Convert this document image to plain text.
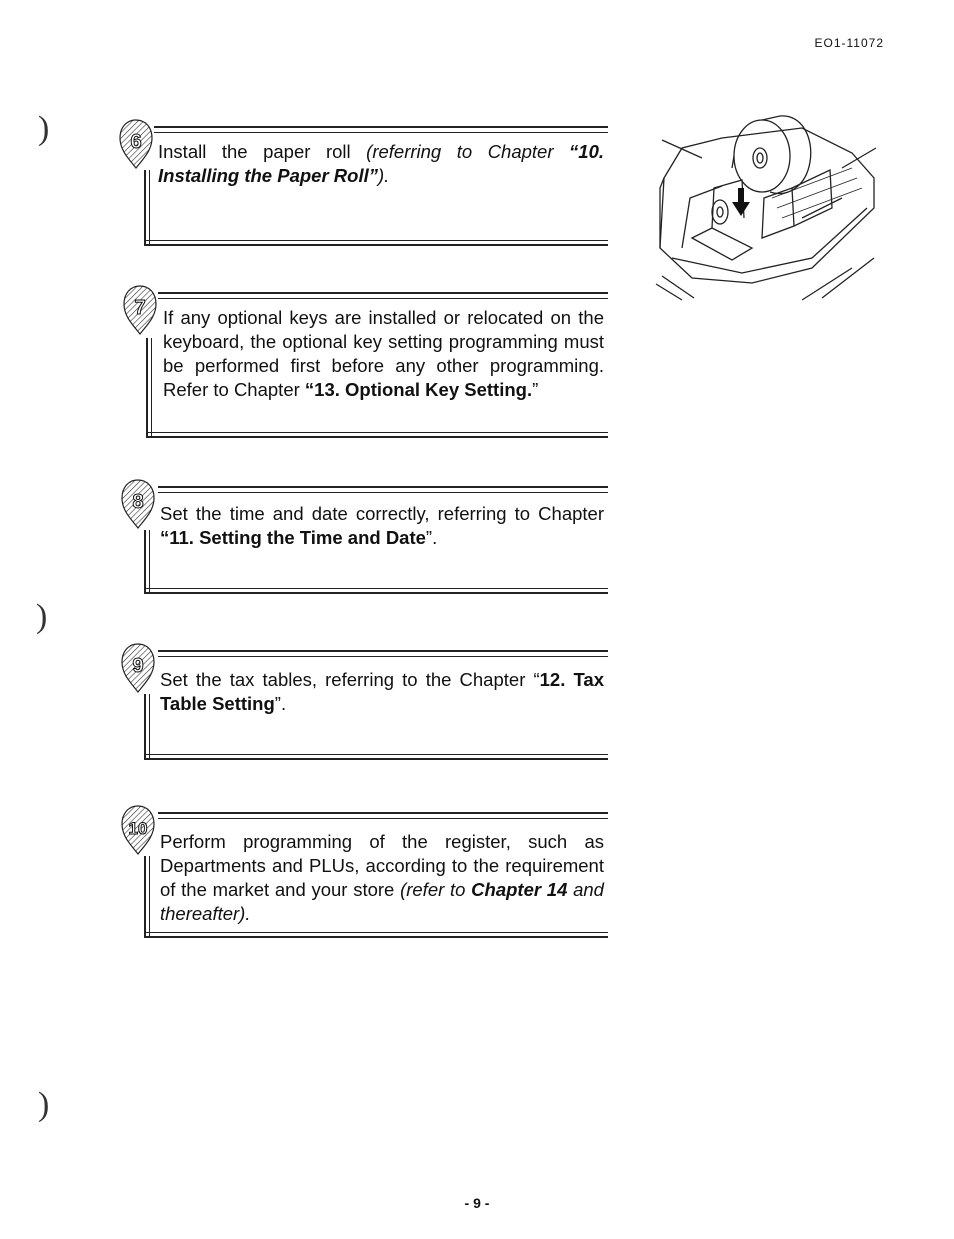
EO1-11072
)
)
)
6 Install the paper roll (referring to Chapter “10. Installing the Paper Roll”).
7 If any optional keys are installed or relocated on the keyboard, the optional key setting programming must be performed first before any other programming. Refer to Chapter “13. Optional Key Setting.”
8
Set the time and date correctly, referring to Chapter “11. Setting the Time and Date”.
9
Set the tax tables, referring to the Chapter “12. Tax Table Setting”.
10
Perform programming of the register, such as Departments and PLUs, according to the requirement of the market and your store (refer to Chapter 14 and thereafter).
- 9 -
